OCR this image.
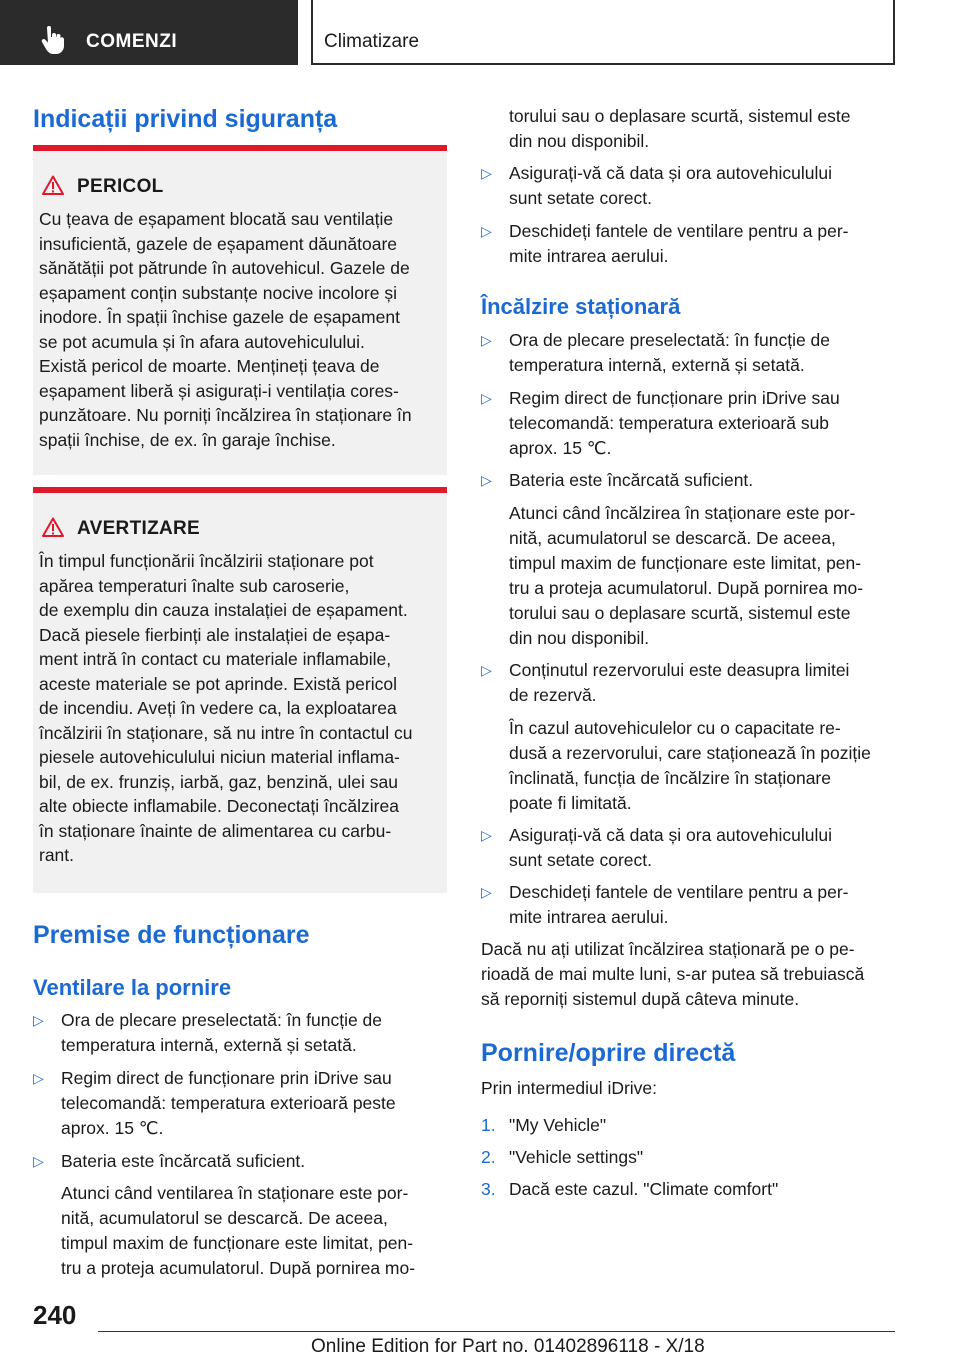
COMENZI	Climatizare
Indicații privind siguranța
PERICOL
Cu țeava de eșapament blocată sau ventilație
insuficientă, gazele de eșapament dăunătoare
sănătății pot pătrunde în autovehicul. Gazele de
eșapament conțin substanțe nocive incolore și
inodore. În spații închise gazele de eșapament
se pot acumula și în afara autovehiculului.
Există pericol de moarte. Mențineți țeava de
eșapament liberă și asigurați-i ventilația cores-
punzătoare. Nu porniți încălzirea în staționare în
spații închise, de ex. în garaje închise.
AVERTIZARE
În timpul funcționării încălzirii staționare pot
apărea temperaturi înalte sub caroserie,
de exemplu din cauza instalației de eșapament.
Dacă piesele fierbinți ale instalației de eșapa-
ment intră în contact cu materiale inflamabile,
aceste materiale se pot aprinde. Există pericol
de incendiu. Aveți în vedere ca, la exploatarea
încălzirii în staționare, să nu intre în contactul cu
piesele autovehiculului niciun material inflama-
bil, de ex. frunziș, iarbă, gaz, benzină, ulei sau
alte obiecte inflamabile. Deconectați încălzirea
în staționare înainte de alimentarea cu carbu-
rant.
Premise de funcționare
Ventilare la pornire
▷ Ora de plecare preselectată: în funcție de
temperatura internă, externă și setată.
▷ Regim direct de funcționare prin iDrive sau
telecomandă: temperatura exterioară peste
aprox. 15 ℃.
▷ Bateria este încărcată suficient.
Atunci când ventilarea în staționare este por-
nită, acumulatorul se descarcă. De aceea,
timpul maxim de funcționare este limitat, pen-
tru a proteja acumulatorul. După pornirea mo-
torului sau o deplasare scurtă, sistemul este
din nou disponibil.
▷ Asigurați-vă că data și ora autovehiculului
sunt setate corect.
▷ Deschideți fantele de ventilare pentru a per-
mite intrarea aerului.
Încălzire staționară
▷ Ora de plecare preselectată: în funcție de
temperatura internă, externă și setată.
▷ Regim direct de funcționare prin iDrive sau
telecomandă: temperatura exterioară sub
aprox. 15 ℃.
▷ Bateria este încărcată suficient.
Atunci când încălzirea în staționare este por-
nită, acumulatorul se descarcă. De aceea,
timpul maxim de funcționare este limitat, pen-
tru a proteja acumulatorul. După pornirea mo-
torului sau o deplasare scurtă, sistemul este
din nou disponibil.
▷ Conținutul rezervorului este deasupra limitei
de rezervă.
În cazul autovehiculelor cu o capacitate re-
dusă a rezervorului, care staționează în poziție
înclinată, funcția de încălzire în staționare
poate fi limitată.
▷ Asigurați-vă că data și ora autovehiculului
sunt setate corect.
▷ Deschideți fantele de ventilare pentru a per-
mite intrarea aerului.
Dacă nu ați utilizat încălzirea staționară pe o pe-
rioadă de mai multe luni, s-ar putea să trebuiască
să reporniți sistemul după câteva minute.
Pornire/oprire directă
Prin intermediul iDrive:
1. "My Vehicle"
2. "Vehicle settings"
3. Dacă este cazul. "Climate comfort"
240
Online Edition for Part no. 01402896118 - X/18
